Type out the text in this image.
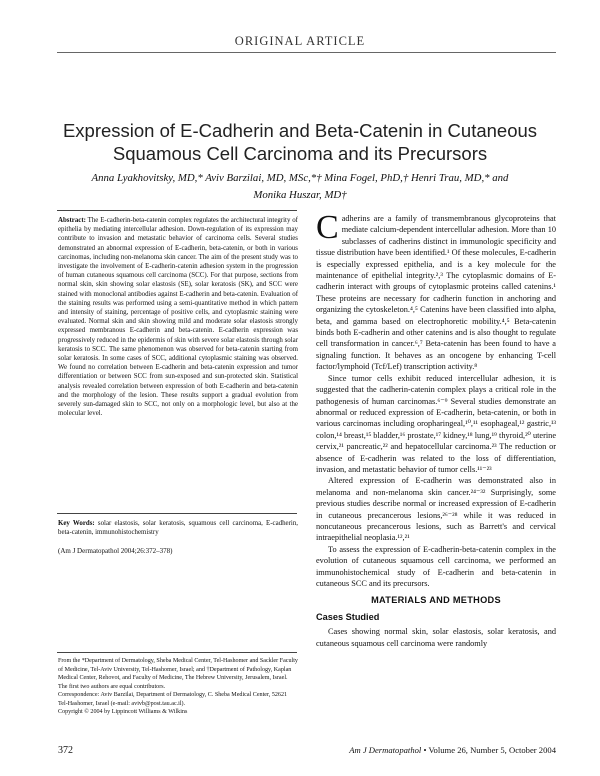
ORIGINAL ARTICLE
Expression of E-Cadherin and Beta-Catenin in Cutaneous Squamous Cell Carcinoma and its Precursors
Anna Lyakhovitsky, MD,* Aviv Barzilai, MD, MSc,*† Mina Fogel, PhD,† Henri Trau, MD,* and Monika Huszar, MD†
Abstract: The E-cadherin-beta-catenin complex regulates the architectural integrity of epithelia by mediating intercellular adhesion. Down-regulation of its expression may contribute to invasion and metastatic behavior of carcinoma cells. Several studies demonstrated an abnormal expression of E-cadherin, beta-catenin, or both in various carcinomas, including non-melanoma skin cancer. The aim of the present study was to investigate the involvement of E-cadherin-catenin adhesion system in the progression of human cutaneous squamous cell carcinoma (SCC). For that purpose, sections from normal skin, skin showing solar elastosis (SE), solar keratosis (SK), and SCC were stained with monoclonal antibodies against E-cadherin and beta-catenin. Evaluation of the staining results was performed using a semi-quantitative method in which pattern and intensity of staining, percentage of positive cells, and cytoplasmic staining were evaluated. Normal skin and skin showing mild and moderate solar elastosis strongly expressed membranous E-cadherin and beta-catenin. E-cadherin expression was progressively reduced in the epidermis of skin with severe solar elastosis through solar keratosis to SCC. The same phenomenon was observed for beta-catenin starting from solar keratosis. In some cases of SCC, additional cytoplasmic staining was observed. We found no correlation between E-cadherin and beta-catenin expression and tumor differentiation or between SCC from sun-exposed and sun-protected skin. Statistical analysis revealed correlation between expression of both E-cadherin and beta-catenin and the morphology of the lesion. These results support a gradual evolution from severely sun-damaged skin to SCC, not only on a morphologic level, but also at the molecular level.
Key Words: solar elastosis, solar keratosis, squamous cell carcinoma, E-cadherin, beta-catenin, immunohistochemistry
(Am J Dermatopathol 2004;26:372–378)

From the *Department of Dermatology, Sheba Medical Center, Tel-Hashomer and Sackler Faculty of Medicine, Tel-Aviv University, Tel-Hashomer, Israel; and †Department of Pathology, Kaplan Medical Center, Rehovot, and Faculty of Medicine, The Hebrew University, Jerusalem, Israel.

The first two authors are equal contributors.

Correspondence: Aviv Barzilai, Department of Dermatology, C. Sheba Medical Center, 52621 Tel-Hashomer, Israel (e-mail: avivb@post.tau.ac.il).

Copyright © 2004 by Lippincott Williams & Wilkins

Cadherins are a family of transmembranous glycoproteins that mediate calcium-dependent intercellular adhesion. More than 10 subclasses of cadherins distinct in immunologic specificity and tissue distribution have been identified.¹ Of these molecules, E-cadherin is especially expressed epithelia, and is a key molecule for the maintenance of epithelial integrity.²,³ The cytoplasmic domains of E-cadherin interact with groups of cytoplasmic proteins called catenins.¹ These proteins are necessary for cadherin function in anchoring and organizing the cytoskeleton.⁴,⁵ Catenins have been classified into alpha, beta, and gamma based on electrophoretic mobility.⁴,⁵ Beta-catenin binds both E-cadherin and other catenins and is also thought to regulate cell transformation in cancer.⁶,⁷ Beta-catenin has been found to have a signaling function. It behaves as an oncogene by enhancing T-cell factor/lymphoid (Tcf/Lef) transcription activity.⁸

Since tumor cells exhibit reduced intercellular adhesion, it is suggested that the cadherin-catenin complex plays a critical role in the pathogenesis of human carcinomas.⁶⁻⁹ Several studies demonstrate an abnormal or reduced expression of E-cadherin, beta-catenin, or both in various carcinomas including oropharingeal,¹⁰,¹¹ esophageal,¹² gastric,¹³ colon,¹⁴ breast,¹⁵ bladder,¹⁶ prostate,¹⁷ kidney,¹⁸ lung,¹⁹ thyroid,²⁰ uterine cervix,²¹ pancreatic,²² and hepatocellular carcinoma.²³ The reduction or absence of E-cadherin was related to the loss of differentiation, invasion, and metastatic behavior of tumor cells.¹¹⁻²³

Altered expression of E-cadherin was demonstrated also in melanoma and non-melanoma skin cancer.²⁴⁻³² Surprisingly, some previous studies describe normal or increased expression of E-cadherin in cutaneous precancerous lesions,²⁶⁻²⁸ while it was reduced in noncutaneous precancerous lesions, such as Barrett's and cervical intraepithelial neoplasia.¹²,²¹

To assess the expression of E-cadherin-beta-catenin complex in the evolution of cutaneous squamous cell carcinoma, we performed an immunohistochemical study of E-cadherin and beta-catenin in cutaneous SCC and its precursors.

MATERIALS AND METHODS
Cases Studied

Cases showing normal skin, solar elastosis, solar keratosis, and cutaneous squamous cell carcinoma were randomly

372	Am J Dermatopathol • Volume 26, Number 5, October 2004
